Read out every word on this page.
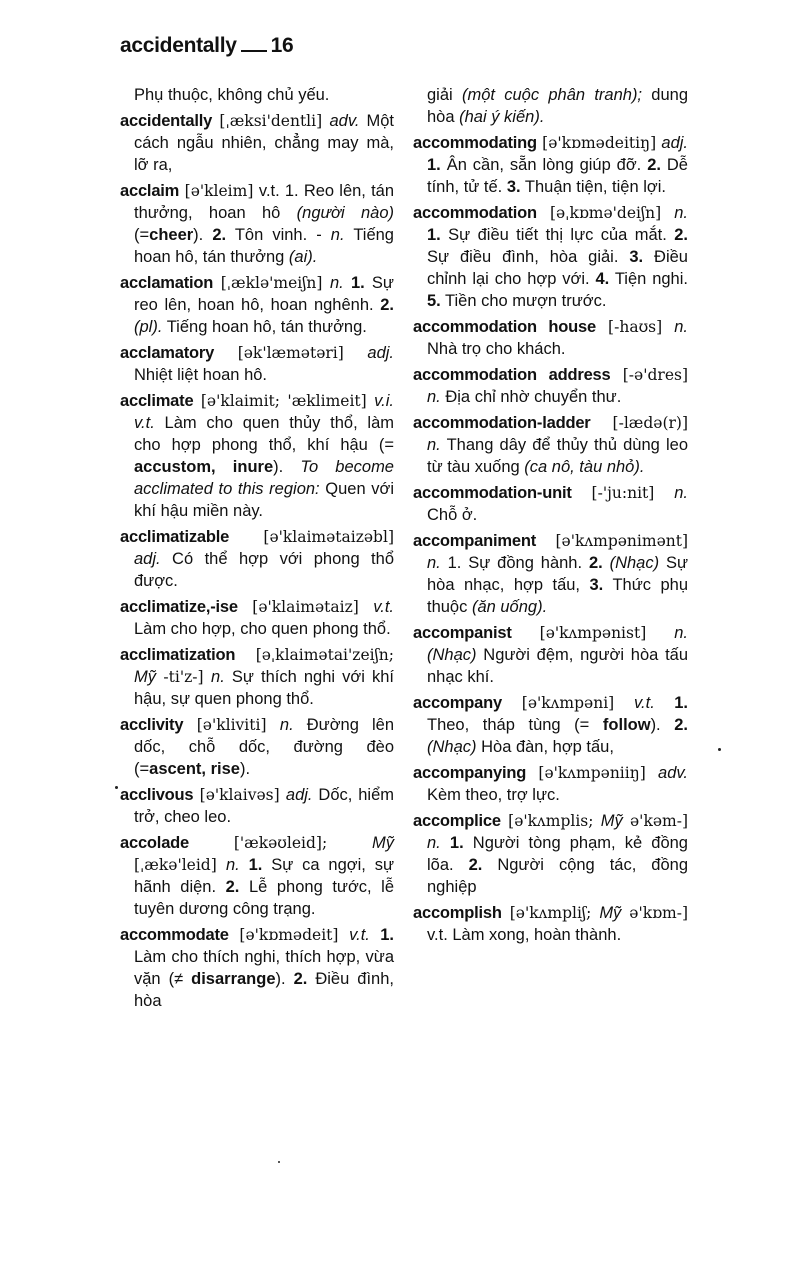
accidentally 16

Phụ thuộc, không chủ yếu.

accidentally [ˌæksi'dentli] adv. Một cách ngẫu nhiên, chẳng may mà, lỡ ra,

acclaim [ə'kleim] v.t. 1. Reo lên, tán thưởng, hoan hô (người nào) (=cheer). 2. Tôn vinh. - n. Tiếng hoan hô, tán thưởng (ai).

acclamation [ˌæklə'meiʃn] n. 1. Sự reo lên, hoan hô, hoan nghênh. 2. (pl). Tiếng hoan hô, tán thưởng.

acclamatory [ək'læmətəri] adj. Nhiệt liệt hoan hô.

acclimate [ə'klaimit; 'æklimeit] v.i. v.t. Làm cho quen thủy thổ, làm cho hợp phong thổ, khí hậu (= accustom, inure). To become acclimated to this region: Quen với khí hậu miền này.

acclimatizable [ə'klaimətaizəbl] adj. Có thể hợp với phong thổ được.

acclimatize,-ise [ə'klaimətaiz] v.t. Làm cho hợp, cho quen phong thổ.

acclimatization [əˌklaimətai'zeiʃn; Mỹ -ti'z-] n. Sự thích nghi với khí hậu, sự quen phong thổ.

acclivity [ə'kliviti] n. Đường lên dốc, chỗ dốc, đường đèo (=ascent, rise).

acclivous [ə'klaivəs] adj. Dốc, hiểm trở, cheo leo.

accolade ['ækəʊleid]; Mỹ [ˌækə'leid] n. 1. Sự ca ngợi, sự hãnh diện. 2. Lễ phong tước, lễ tuyên dương công trạng.

accommodate [ə'kɒmədeit] v.t. 1. Làm cho thích nghi, thích hợp, vừa vặn (≠ disarrange). 2. Điều đình, hòa

giải (một cuộc phân tranh); dung hòa (hai ý kiến).

accommodating [ə'kɒmədeitiŋ] adj. 1. Ân cần, sẵn lòng giúp đỡ. 2. Dễ tính, tử tế. 3. Thuận tiện, tiện lợi.

accommodation [əˌkɒmə'deiʃn] n. 1. Sự điều tiết thị lực của mắt. 2. Sự điều đình, hòa giải. 3. Điều chỉnh lại cho hợp với. 4. Tiện nghi. 5. Tiền cho mượn trước.

accommodation house [-haʊs] n. Nhà trọ cho khách.

accommodation address [-ə'dres] n. Địa chỉ nhờ chuyển thư.

accommodation-ladder [-lædə(r)] n. Thang dây để thủy thủ dùng leo từ tàu xuống (ca nô, tàu nhỏ).

accommodation-unit [-'ju:nit] n. Chỗ ở.

accompaniment [ə'kʌmpənimənt] n. 1. Sự đồng hành. 2. (Nhạc) Sự hòa nhạc, hợp tấu, 3. Thức phụ thuộc (ăn uống).

accompanist [ə'kʌmpənist] n. (Nhạc) Người đệm, người hòa tấu nhạc khí.

accompany [ə'kʌmpəni] v.t. 1. Theo, tháp tùng (= follow). 2. (Nhạc) Hòa đàn, hợp tấu,

accompanying [ə'kʌmpəniiŋ] adv. Kèm theo, trợ lực.

accomplice [ə'kʌmplis; Mỹ ə'kəm-] n. 1. Người tòng phạm, kẻ đồng lõa. 2. Người cộng tác, đồng nghiệp

accomplish [ə'kʌmpliʃ; Mỹ ə'kɒm-] v.t. Làm xong, hoàn thành.
